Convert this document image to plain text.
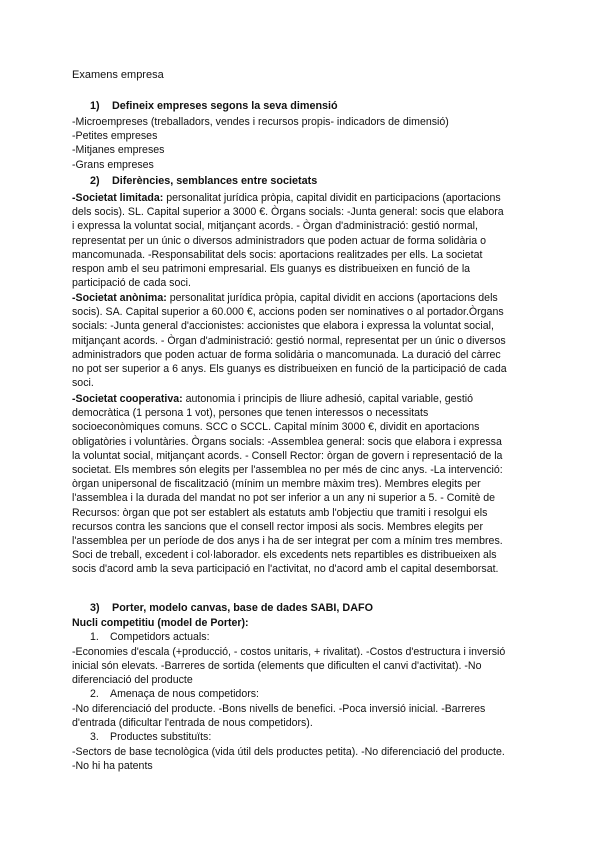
Examens empresa
1) Defineix empreses segons la seva dimensió
-Microempreses (treballadors, vendes i recursos propis- indicadors de dimensió)
-Petites empreses
-Mitjanes empreses
-Grans empreses
2) Diferències, semblances entre societats
-Societat limitada: personalitat jurídica pròpia, capital dividit en participacions (aportacions
dels socis). SL. Capital superior a 3000 €. Òrgans socials: -Junta general: socis que elabora
i expressa la voluntat social, mitjançant acords. - Òrgan d'administració: gestió normal,
representat per un únic o diversos administradors que poden actuar de forma solidària o
mancomunada. -Responsabilitat dels socis: aportacions realitzades per ells. La societat
respon amb el seu patrimoni empresarial. Els guanys es distribueixen en funció de la
participació de cada soci.
-Societat anònima: personalitat jurídica pròpia, capital dividit en accions (aportacions dels
socis). SA. Capital superior a 60.000 €, accions poden ser nominatives o al portador.Òrgans
socials: -Junta general d'accionistes: accionistes que elabora i expressa la voluntat social,
mitjançant acords. - Òrgan d'administració: gestió normal, representat per un únic o diversos
administradors que poden actuar de forma solidària o mancomunada. La duració del càrrec
no pot ser superior a 6 anys. Els guanys es distribueixen en funció de la participació de cada
soci.
-Societat cooperativa: autonomia i principis de lliure adhesió, capital variable, gestió
democràtica (1 persona 1 vot), persones que tenen interessos o necessitats
socioeconòmiques comuns. SCC o SCCL. Capital mínim 3000 €, dividit en aportacions
obligatòries i voluntàries. Òrgans socials: -Assemblea general: socis que elabora i expressa
la voluntat social, mitjançant acords. - Consell Rector: òrgan de govern i representació de la
societat. Els membres són elegits per l'assemblea no per més de cinc anys. -La intervenció:
òrgan unipersonal de fiscalització (mínim un membre màxim tres). Membres elegits per
l'assemblea i la durada del mandat no pot ser inferior a un any ni superior a 5. - Comitè de
Recursos: òrgan que pot ser establert als estatuts amb l'objectiu que tramiti i resolgui els
recursos contra les sancions que el consell rector imposi als socis. Membres elegits per
l'assemblea per un període de dos anys i ha de ser integrat per com a mínim tres membres.
Soci de treball, excedent i col·laborador. els excedents nets repartibles es distribueixen als
socis d'acord amb la seva participació en l'activitat, no d'acord amb el capital desemborsat.
3) Porter, modelo canvas, base de dades SABI, DAFO
Nucli competitiu (model de Porter):
1. Competidors actuals:
-Economies d'escala (+producció, - costos unitaris, + rivalitat). -Costos d'estructura i inversió
inicial són elevats. -Barreres de sortida (elements que dificulten el canvi d'activitat). -No
diferenciació del producte
2. Amenaça de nous competidors:
-No diferenciació del producte. -Bons nivells de benefici. -Poca inversió inicial. -Barreres
d'entrada (dificultar l'entrada de nous competidors).
3. Productes substituïts:
-Sectors de base tecnològica (vida útil dels productes petita). -No diferenciació del producte.
-No hi ha patents
